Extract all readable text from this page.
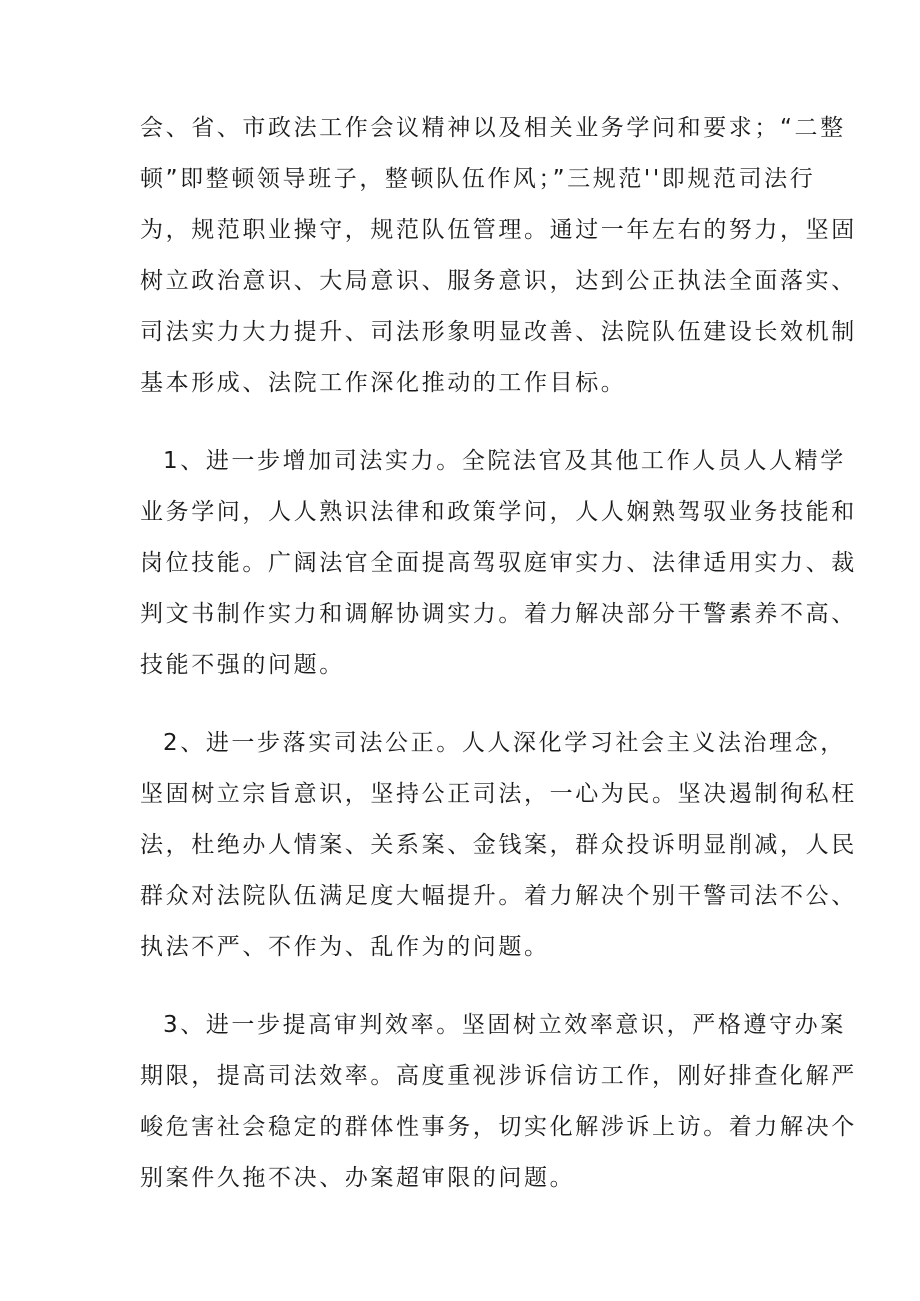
会、省、市政法工作会议精神以及相关业务学问和要求；“二整
顿”即整顿领导班子，整顿队伍作风；”三规范''即规范司法行
为，规范职业操守，规范队伍管理。通过一年左右的努力，坚固
树立政治意识、大局意识、服务意识，达到公正执法全面落实、
司法实力大力提升、司法形象明显改善、法院队伍建设长效机制
基本形成、法院工作深化推动的工作目标。
1、进一步增加司法实力。全院法官及其他工作人员人人精学
业务学问，人人熟识法律和政策学问，人人娴熟驾驭业务技能和
岗位技能。广阔法官全面提高驾驭庭审实力、法律适用实力、裁
判文书制作实力和调解协调实力。着力解决部分干警素养不高、
技能不强的问题。
2、进一步落实司法公正。人人深化学习社会主义法治理念，
坚固树立宗旨意识，坚持公正司法，一心为民。坚决遏制徇私枉
法，杜绝办人情案、关系案、金钱案，群众投诉明显削减，人民
群众对法院队伍满足度大幅提升。着力解决个别干警司法不公、
执法不严、不作为、乱作为的问题。
3、进一步提高审判效率。坚固树立效率意识，严格遵守办案
期限，提高司法效率。高度重视涉诉信访工作，刚好排查化解严
峻危害社会稳定的群体性事务，切实化解涉诉上访。着力解决个
别案件久拖不决、办案超审限的问题。
